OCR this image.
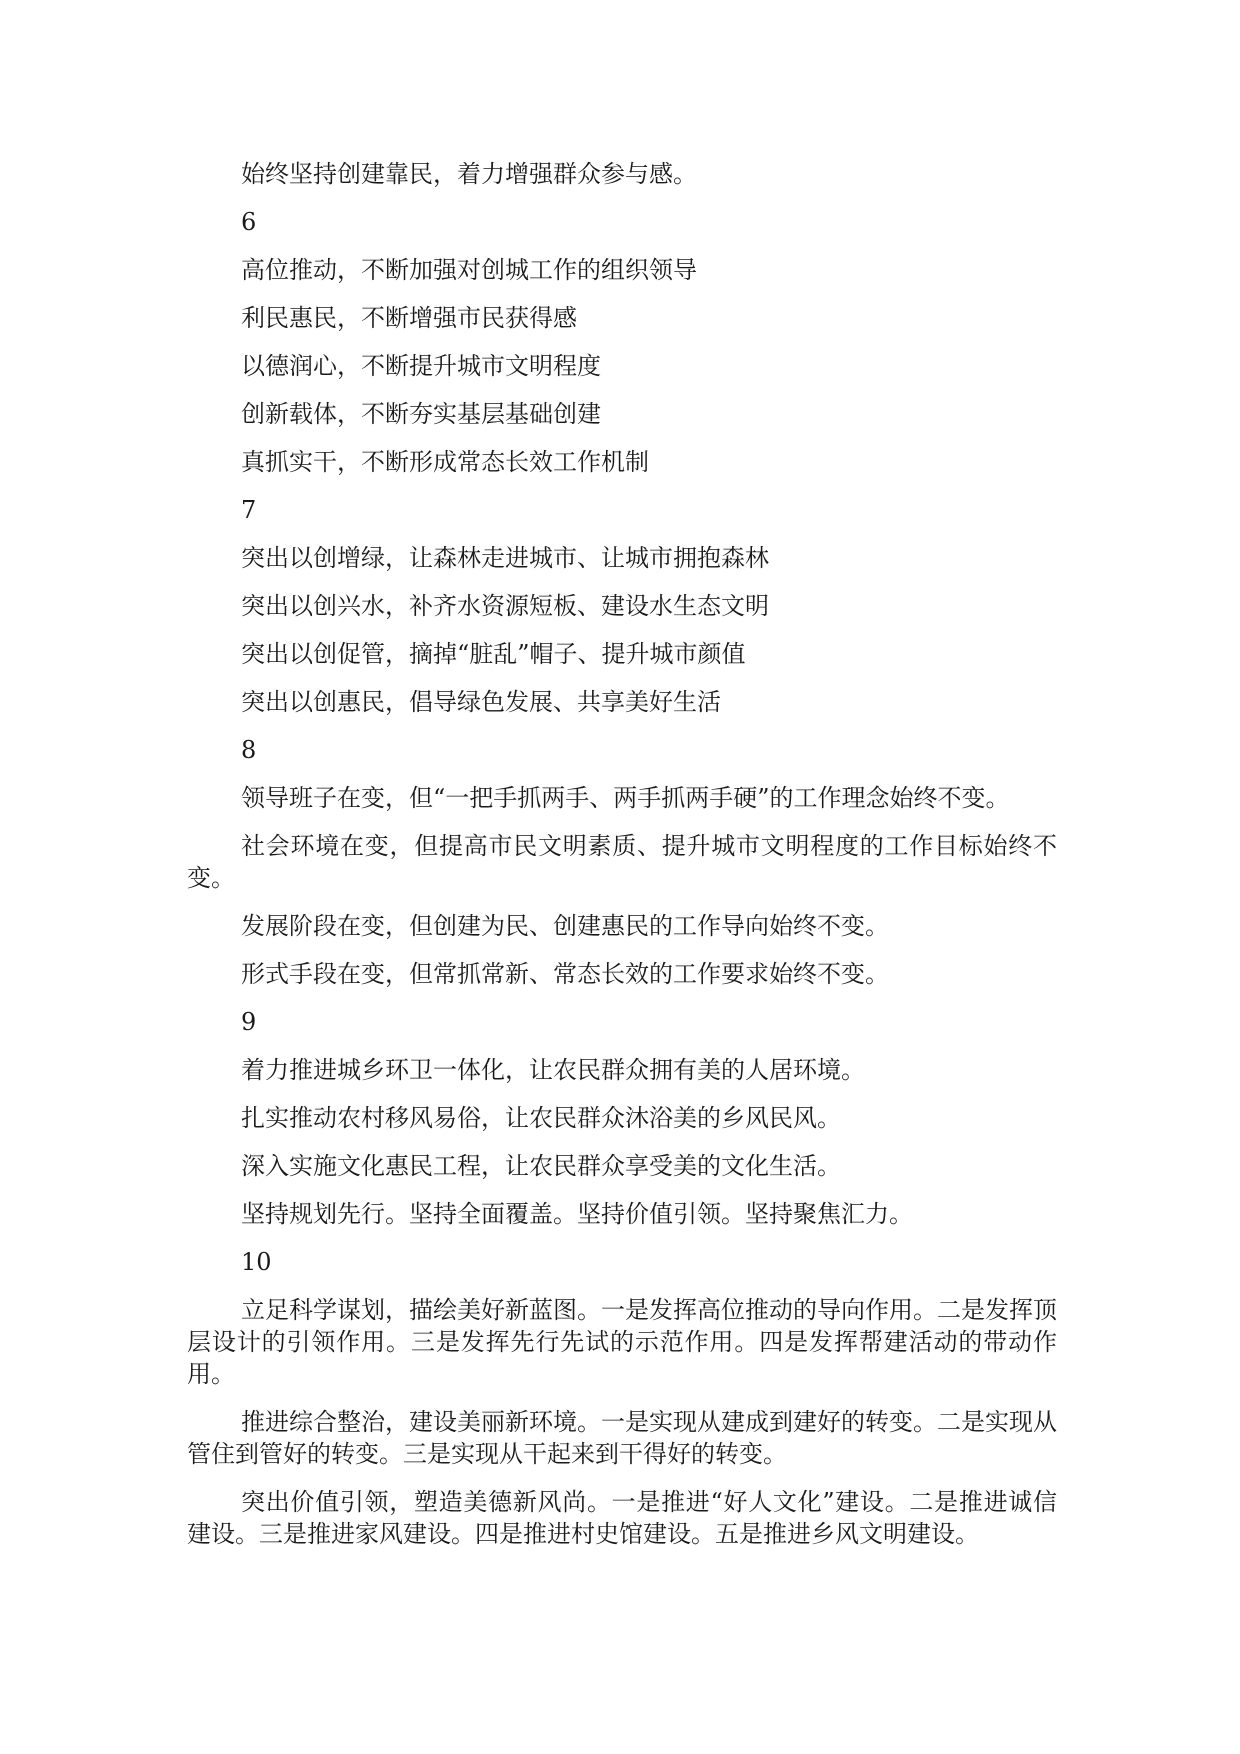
始终坚持创建靠民，着力增强群众参与感。
6
高位推动，不断加强对创城工作的组织领导
利民惠民，不断增强市民获得感
以德润心，不断提升城市文明程度
创新载体，不断夯实基层基础创建
真抓实干，不断形成常态长效工作机制
7
突出以创增绿，让森林走进城市、让城市拥抱森林
突出以创兴水，补齐水资源短板、建设水生态文明
突出以创促管，摘掉“脏乱”帽子、提升城市颜值
突出以创惠民，倡导绿色发展、共享美好生活
8
领导班子在变，但“一把手抓两手、两手抓两手硬”的工作理念始终不变。
社会环境在变，但提高市民文明素质、提升城市文明程度的工作目标始终不变。
发展阶段在变，但创建为民、创建惠民的工作导向始终不变。
形式手段在变，但常抓常新、常态长效的工作要求始终不变。
9
着力推进城乡环卫一体化，让农民群众拥有美的人居环境。
扎实推动农村移风易俗，让农民群众沐浴美的乡风民风。
深入实施文化惠民工程，让农民群众享受美的文化生活。
坚持规划先行。坚持全面覆盖。坚持价值引领。坚持聚焦汇力。
10
立足科学谋划，描绘美好新蓝图。一是发挥高位推动的导向作用。二是发挥顶层设计的引领作用。三是发挥先行先试的示范作用。四是发挥帮建活动的带动作用。
推进综合整治，建设美丽新环境。一是实现从建成到建好的转变。二是实现从管住到管好的转变。三是实现从干起来到干得好的转变。
突出价值引领，塑造美德新风尚。一是推进“好人文化”建设。二是推进诚信建设。三是推进家风建设。四是推进村史馆建设。五是推进乡风文明建设。
